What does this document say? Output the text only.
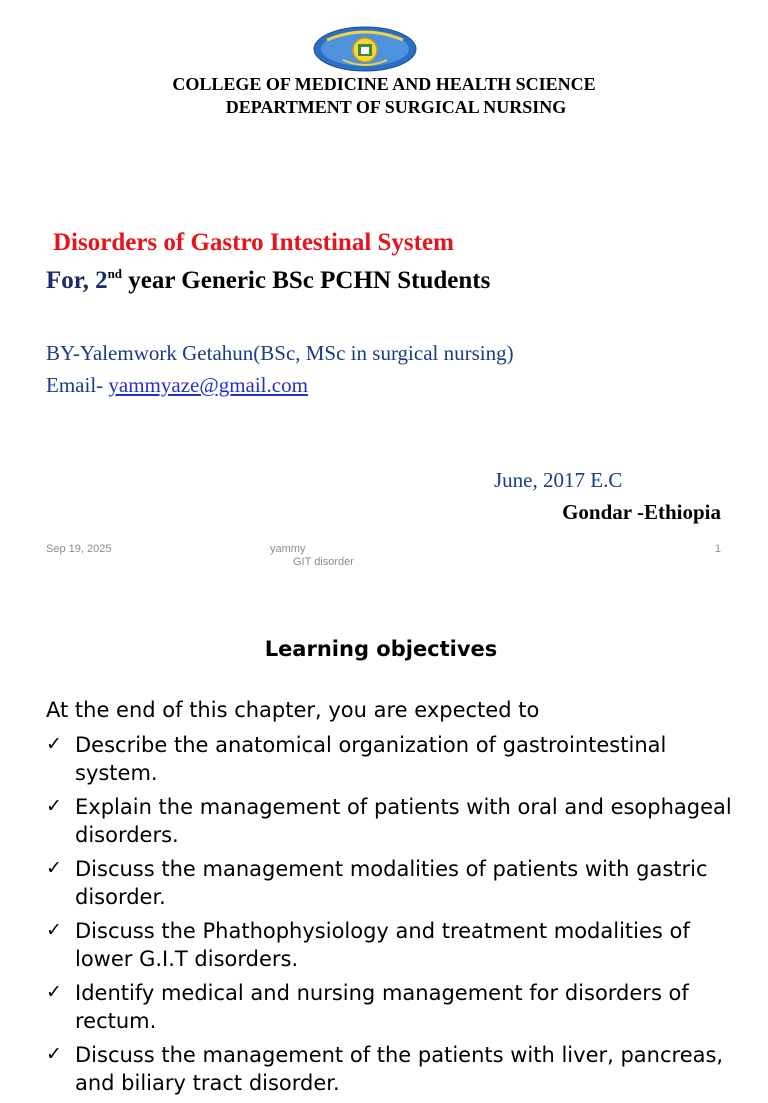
COLLEGE OF MEDICINE AND HEALTH SCIENCE
DEPARTMENT OF SURGICAL NURSING
Disorders of Gastro Intestinal System
For, 2nd year Generic BSc PCHN Students
BY-Yalemwork Getahun(BSc, MSc in surgical nursing)
Email- yammyaze@gmail.com
June, 2017 E.C
Gondar -Ethiopia
Sep 19, 2025	yammy
GIT disorder
1
Learning objectives
At the end of this chapter, you are expected to
✓ Describe the anatomical organization of gastrointestinal system.
✓ Explain the management of patients with oral and esophageal disorders.
✓ Discuss the management modalities of patients with gastric disorder.
✓ Discuss the Phathophysiology and treatment modalities of lower G.I.T disorders.
✓ Identify medical and nursing management for disorders of rectum.
✓ Discuss the management of the patients with liver, pancreas, and biliary tract disorder.
